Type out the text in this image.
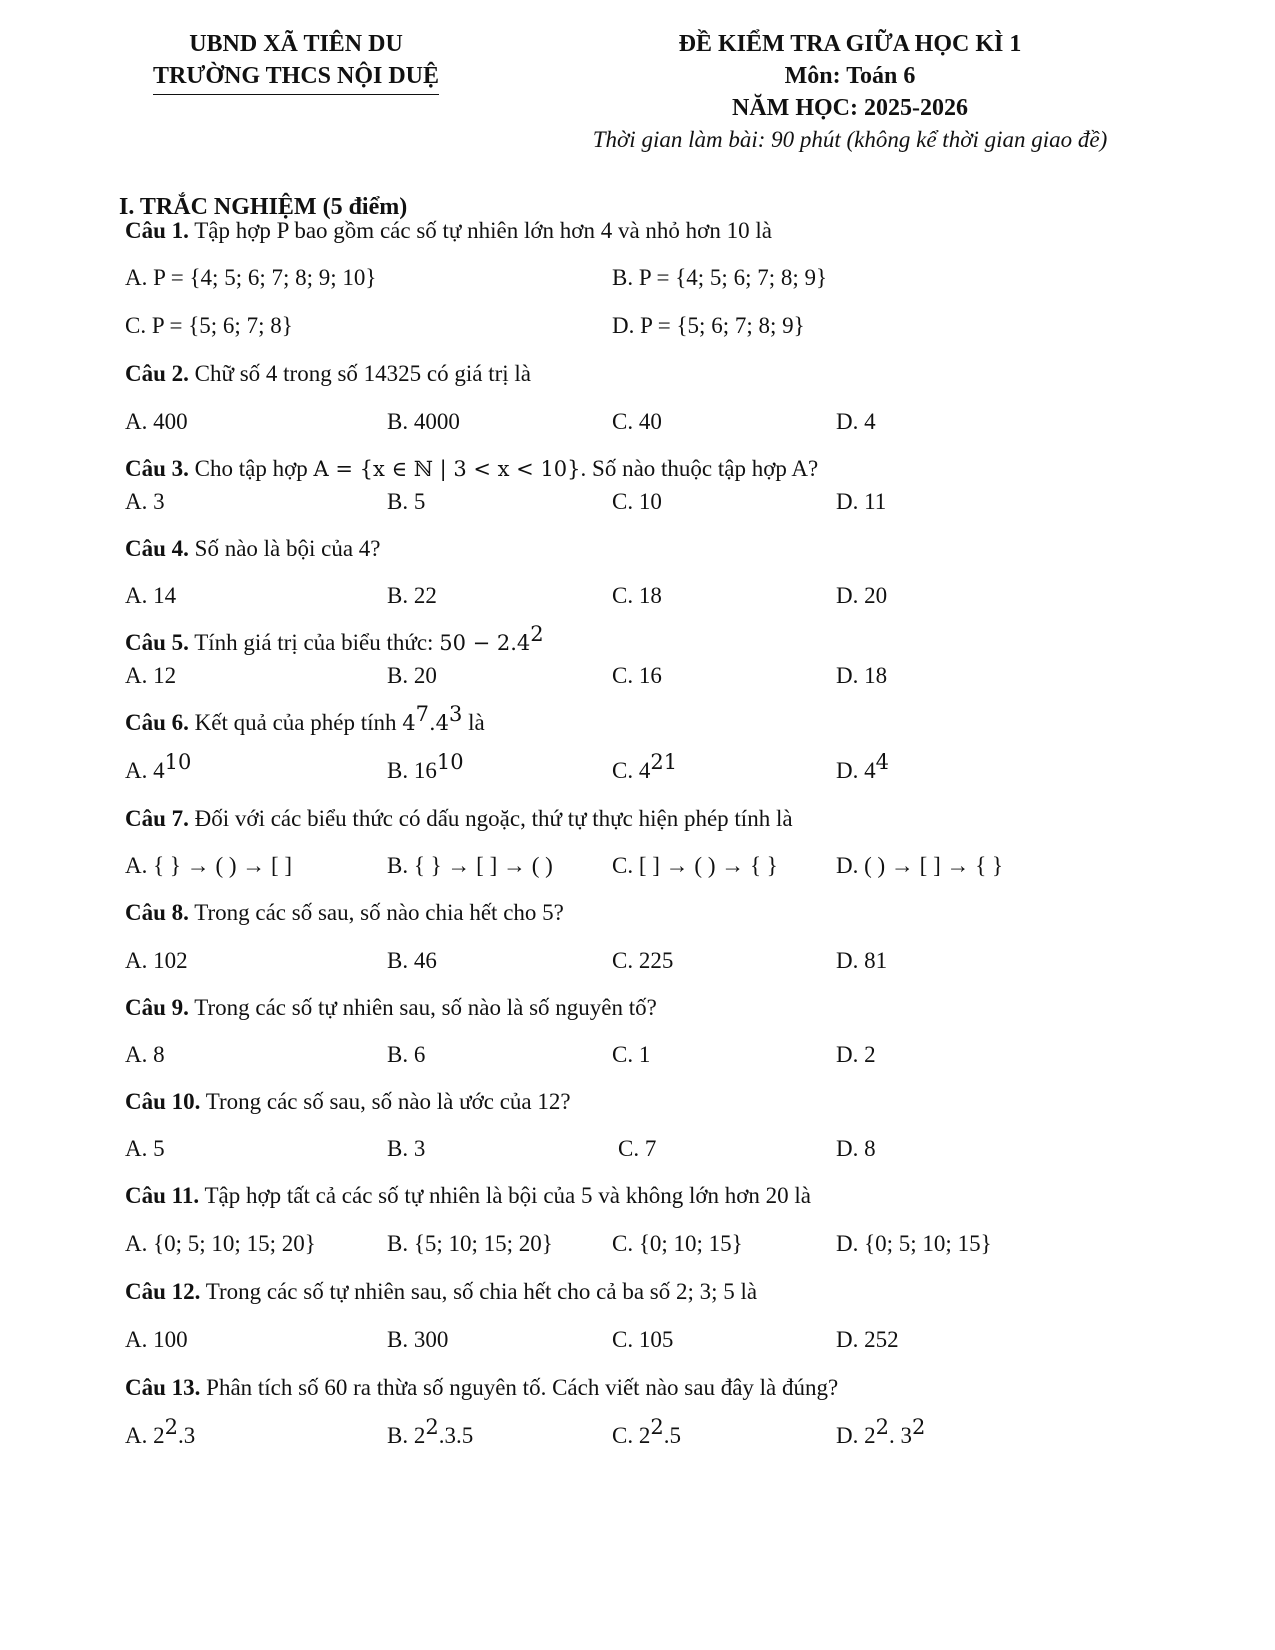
UBND XÃ TIÊN DU
TRƯỜNG THCS NỘI DUỆ
ĐỀ KIỂM TRA GIỮA HỌC KÌ 1
Môn: Toán 6
NĂM HỌC: 2025-2026
Thời gian làm bài: 90 phút (không kể thời gian giao đề)
I. TRẮC NGHIỆM (5 điểm)
Câu 1. Tập hợp P bao gồm các số tự nhiên lớn hơn 4 và nhỏ hơn 10 là
A. P = {4; 5; 6; 7; 8; 9; 10}	B. P = {4; 5; 6; 7; 8; 9}
C. P = {5; 6; 7; 8}	D. P = {5; 6; 7; 8; 9}
Câu 2. Chữ số 4 trong số 14325 có giá trị là
A. 400	B. 4000	C. 40	D. 4
Câu 3. Cho tập hợp A = {x ∈ ℕ | 3 < x < 10}. Số nào thuộc tập hợp A?
A. 3	B. 5	C. 10	D. 11
Câu 4. Số nào là bội của 4?
A. 14	B. 22	C. 18	D. 20
Câu 5. Tính giá trị của biểu thức: $50 - 2.4^2$
A. 12	B. 20	C. 16	D. 18
Câu 6. Kết quả của phép tính $4^7.4^3$ là
A. $4^{10}$	B. $16^{10}$	C. $4^{21}$	D. $4^4$
Câu 7. Đối với các biểu thức có dấu ngoặc, thứ tự thực hiện phép tính là
A. { } → ( ) → [ ]	B. { } → [ ] → ( )	C. [ ] → ( ) → { }	D. ( ) → [ ] → { }
Câu 8. Trong các số sau, số nào chia hết cho 5?
A. 102	B. 46	C. 225	D. 81
Câu 9. Trong các số tự nhiên sau, số nào là số nguyên tố?
A. 8	B. 6	C. 1	D. 2
Câu 10. Trong các số sau, số nào là ước của 12?
A. 5	B. 3	C. 7	D. 8
Câu 11. Tập hợp tất cả các số tự nhiên là bội của 5 và không lớn hơn 20 là
A. {0; 5; 10; 15; 20}	B. {5; 10; 15; 20}	C. {0; 10; 15}	D. {0; 5; 10; 15}
Câu 12. Trong các số tự nhiên sau, số chia hết cho cả ba số 2; 3; 5 là
A. 100	B. 300	C. 105	D. 252
Câu 13. Phân tích số 60 ra thừa số nguyên tố. Cách viết nào sau đây là đúng?
A. $2^2.3$	B. $2^2.3.5$	C. $2^2.5$	D. $2^2$. $3^2$
